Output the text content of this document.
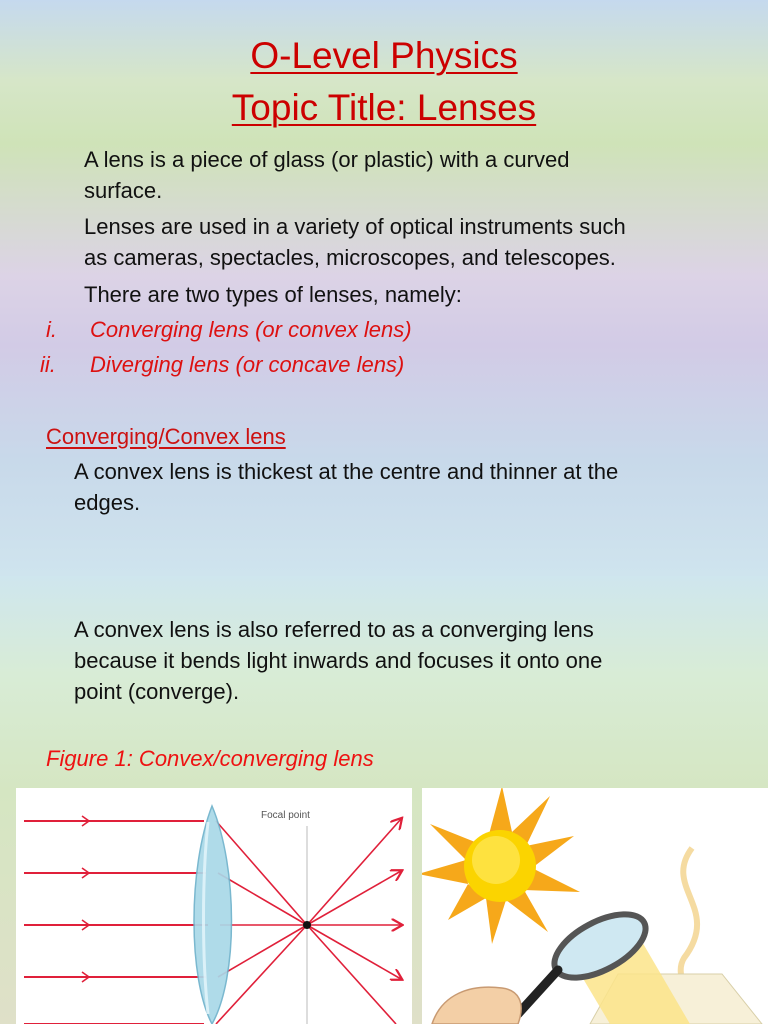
O-Level Physics
Topic Title: Lenses
A lens is a piece of glass (or plastic) with a curved
surface.
Lenses are used in a variety of optical instruments such
as cameras, spectacles, microscopes, and telescopes.
There are two types of lenses, namely:
i. Converging lens (or convex lens)
ii. Diverging lens (or concave lens)
Converging/Convex lens
A convex lens is thickest at the centre and thinner at the
edges.
A convex lens is also referred to as a converging lens
because it bends light inwards and focuses it onto one
point (converge).
Figure 1: Convex/converging lens
Focal point
